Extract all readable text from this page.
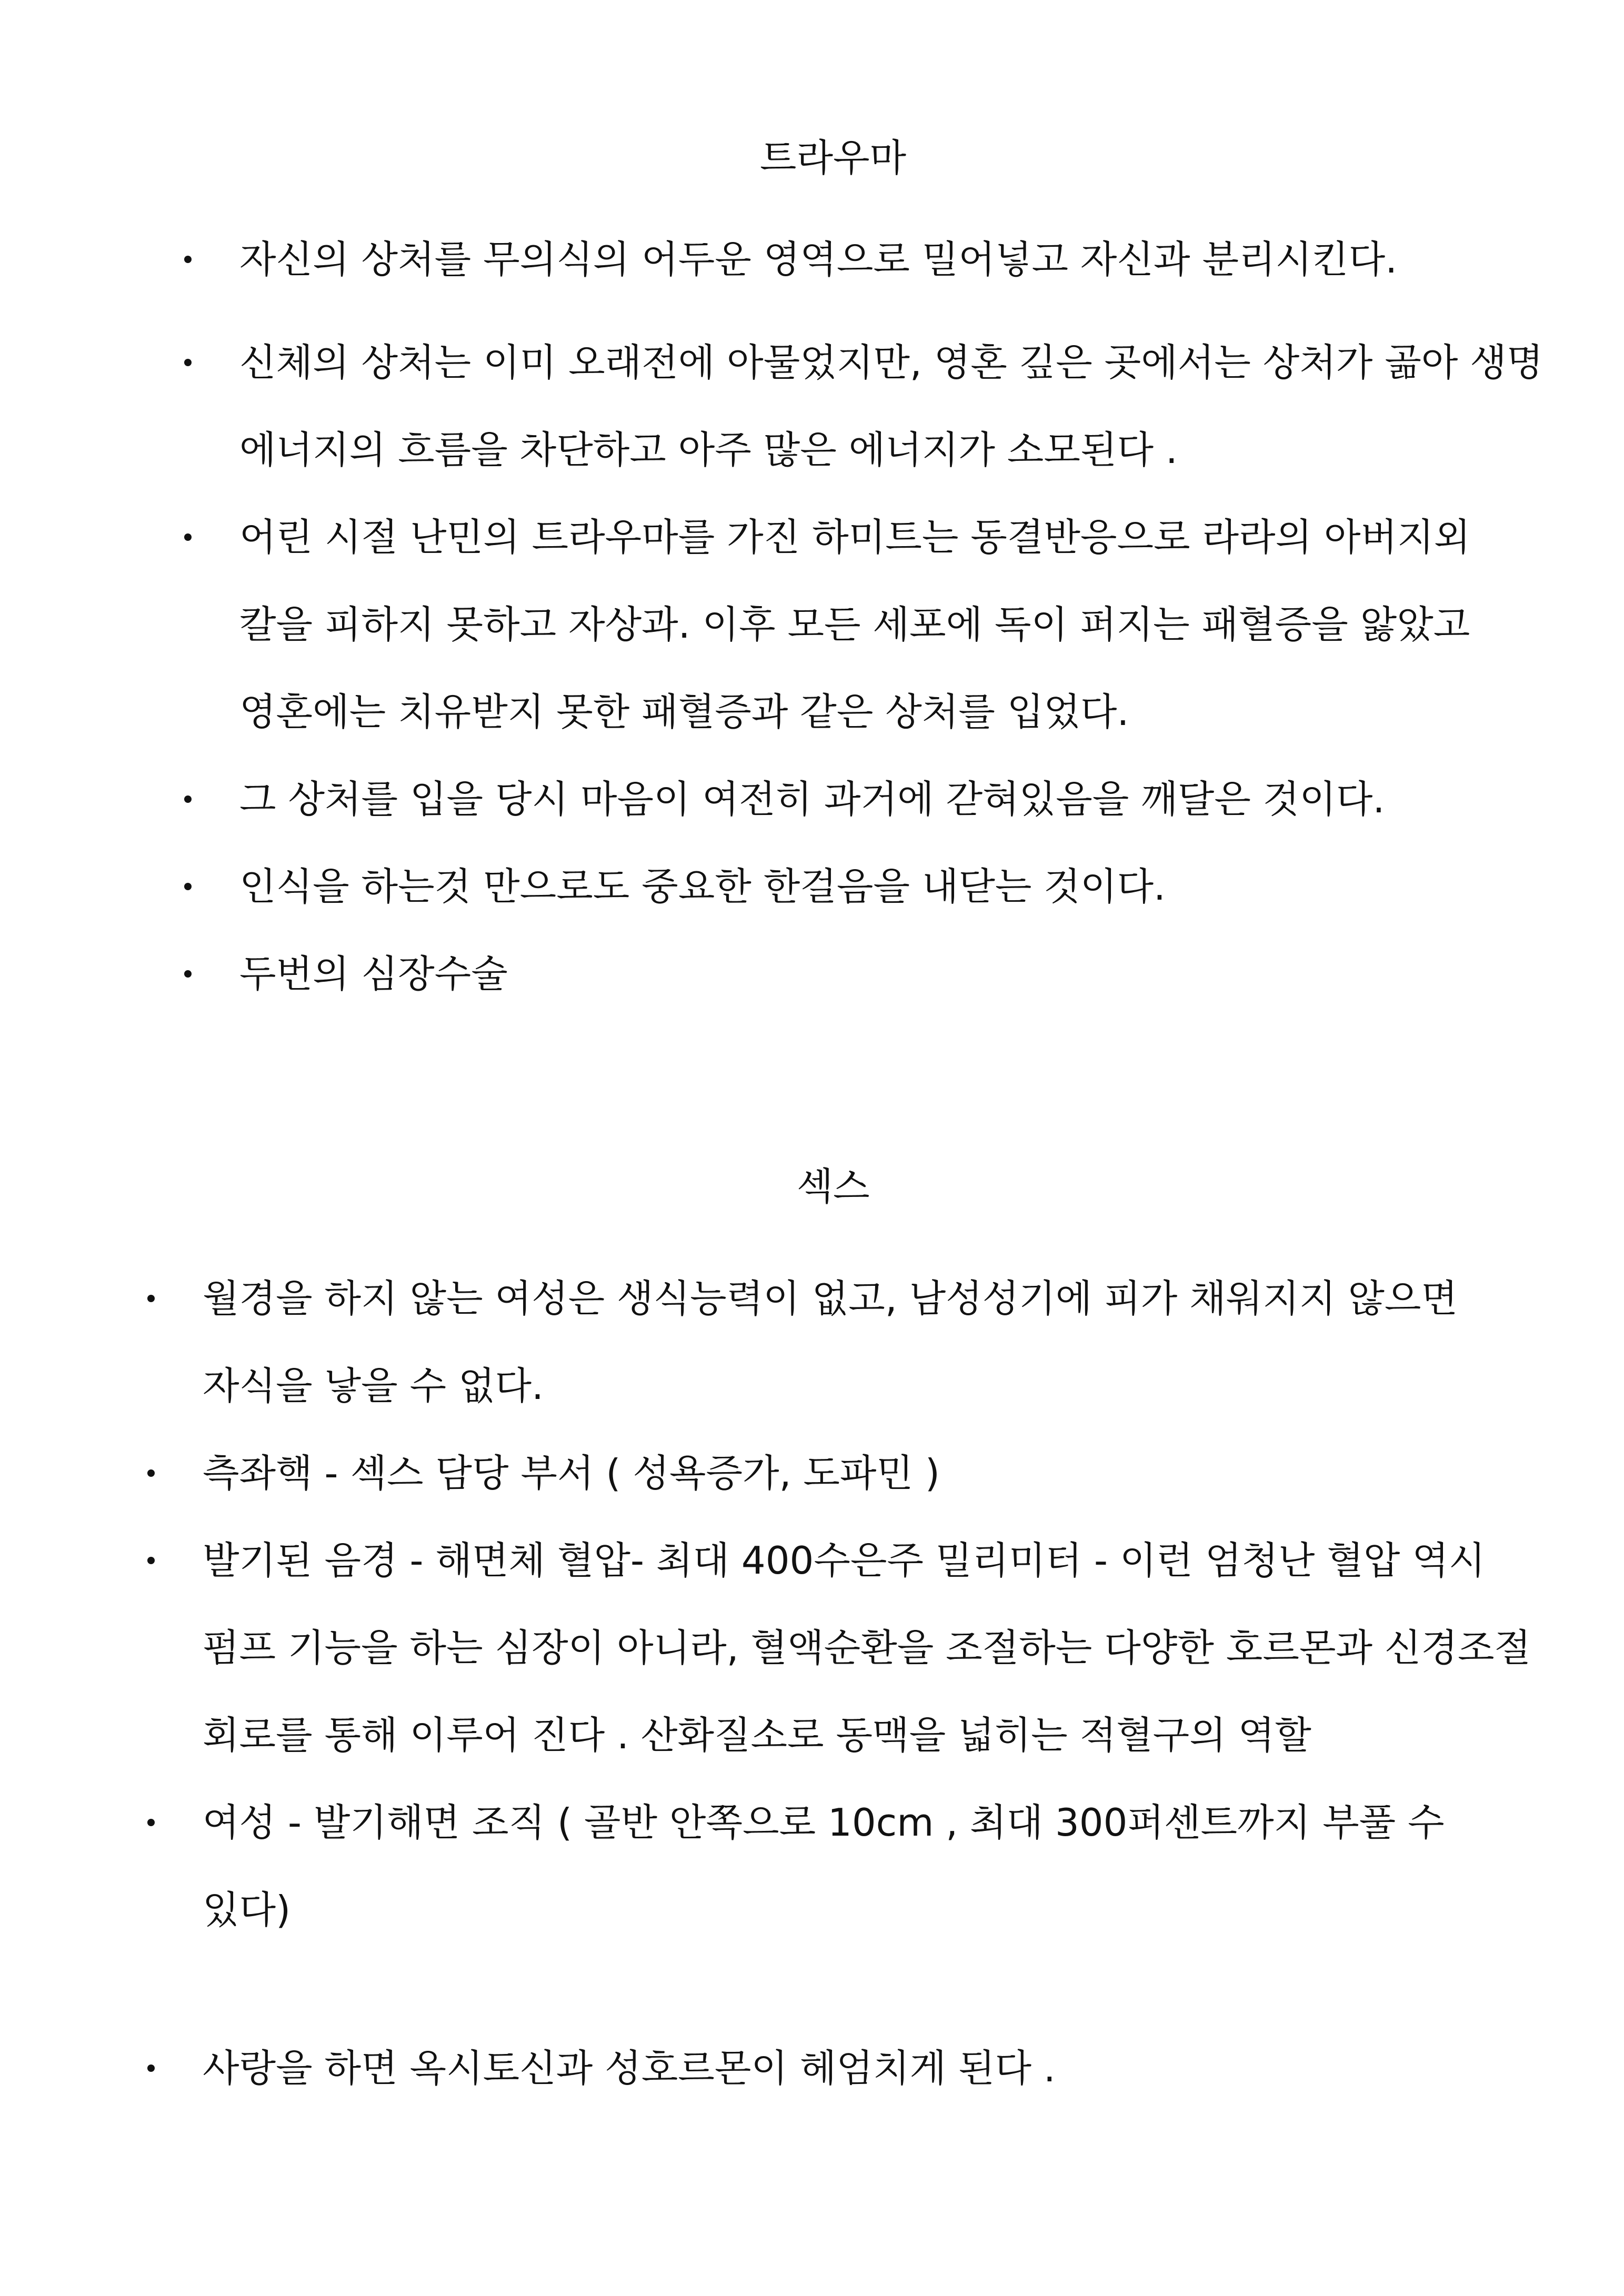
트라우마
자신의 상처를 무의식의 어두운 영역으로 밀어넣고 자신과 분리시킨다.
신체의 상처는 이미 오래전에 아물었지만, 영혼 깊은 곳에서는 상처가 곪아 생명 에너지의 흐름을 차단하고 아주 많은 에너지가 소모된다 .
어린 시절 난민의 트라우마를 가진 하미트는 동결반응으로 라라의 아버지외 칼을 피하지 못하고 자상과. 이후 모든 세포에 독이 퍼지는 패혈증을 앓았고 영혼에는 치유받지 못한 패혈증과 같은 상처를 입었다.
그 상처를 입을 당시 마음이 여전히 과거에 갇혀있음을 깨달은 것이다.
인식을 하는것 만으로도 중요한 한걸음을 내닫는 것이다.
두번의 심장수술
섹스
월경을 하지 않는 여성은 생식능력이 없고, 남성성기에 피가 채워지지 않으면 자식을 낳을 수 없다.
측좌핵 - 섹스 담당 부서 ( 성욕증가, 도파민 )
발기된 음경 - 해면체 혈압- 최대 400수은주 밀리미터 - 이런 엄청난 혈압 역시 펌프 기능을 하는 심장이 아니라, 혈액순환을 조절하는 다양한 호르몬과 신경조절 회로를 통해 이루어 진다 . 산화질소로 동맥을 넓히는 적혈구의 역할
여성 - 발기해면 조직 ( 골반 안쪽으로 10cm , 최대 300퍼센트까지 부풀 수 있다)
사랑을 하면 옥시토신과 성호르몬이 헤엄치게 된다 .
